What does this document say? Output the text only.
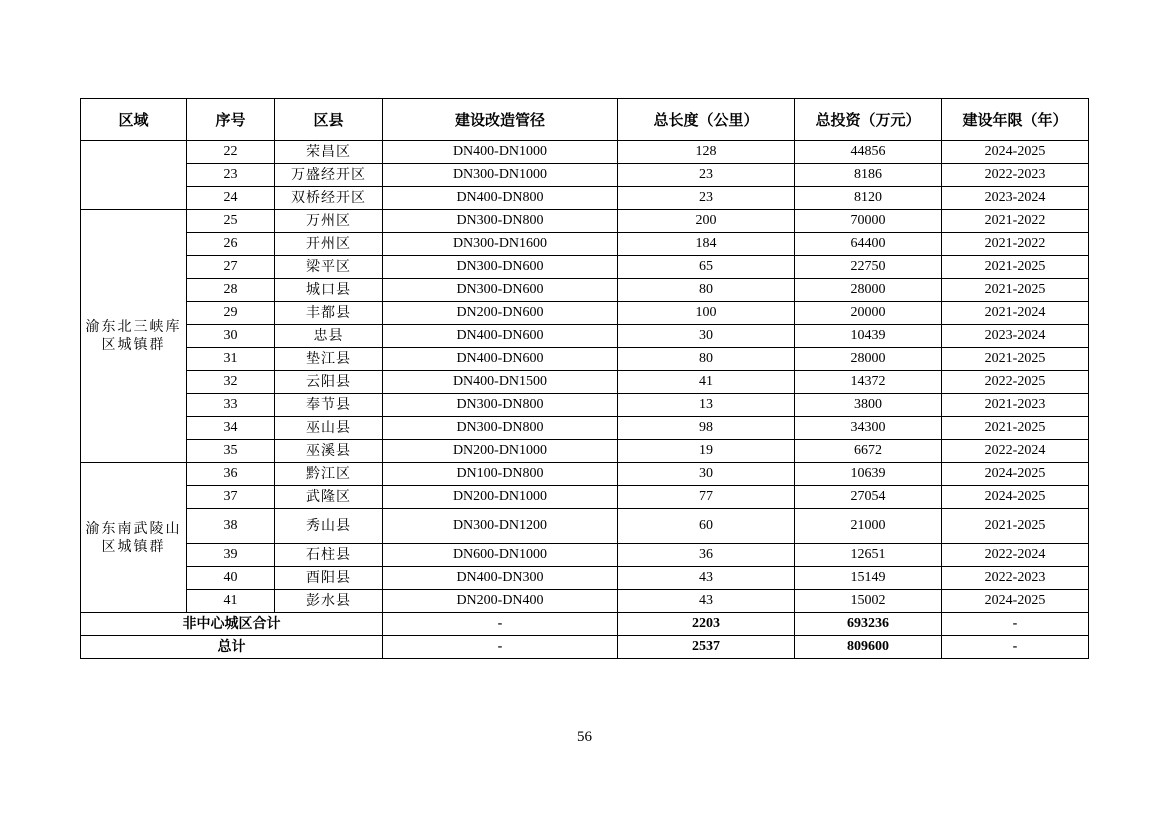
区域	序号	区县	建设改造管径	总长度（公里）	总投资（万元）	建设年限（年）
	22	荣昌区	DN400-DN1000	128	44856	2024-2025
	23	万盛经开区	DN300-DN1000	23	8186	2022-2023
	24	双桥经开区	DN400-DN800	23	8120	2023-2024
渝东北三峡库区城镇群	25	万州区	DN300-DN800	200	70000	2021-2022
	26	开州区	DN300-DN1600	184	64400	2021-2022
	27	梁平区	DN300-DN600	65	22750	2021-2025
	28	城口县	DN300-DN600	80	28000	2021-2025
	29	丰都县	DN200-DN600	100	20000	2021-2024
	30	忠县	DN400-DN600	30	10439	2023-2024
	31	垫江县	DN400-DN600	80	28000	2021-2025
	32	云阳县	DN400-DN1500	41	14372	2022-2025
	33	奉节县	DN300-DN800	13	3800	2021-2023
	34	巫山县	DN300-DN800	98	34300	2021-2025
	35	巫溪县	DN200-DN1000	19	6672	2022-2024
渝东南武陵山区城镇群	36	黔江区	DN100-DN800	30	10639	2024-2025
	37	武隆区	DN200-DN1000	77	27054	2024-2025
	38	秀山县	DN300-DN1200	60	21000	2021-2025
	39	石柱县	DN600-DN1000	36	12651	2022-2024
	40	酉阳县	DN400-DN300	43	15149	2022-2023
	41	彭水县	DN200-DN400	43	15002	2024-2025
非中心城区合计			-	2203	693236	-
总计			-	2537	809600	-
56
